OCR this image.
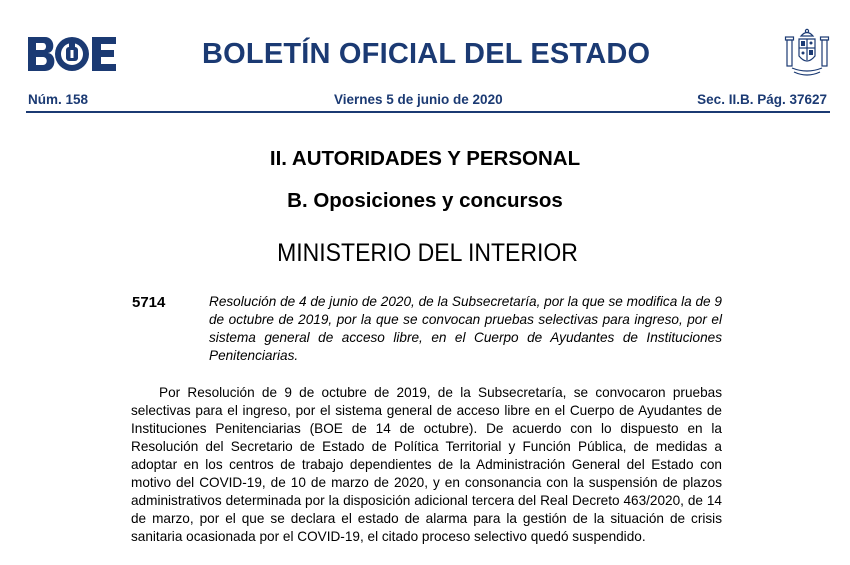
BOLETÍN OFICIAL DEL ESTADO
Núm. 158	Viernes 5 de junio de 2020	Sec. II.B. Pág. 37627
II. AUTORIDADES Y PERSONAL
B. Oposiciones y concursos
MINISTERIO DEL INTERIOR
5714	Resolución de 4 de junio de 2020, de la Subsecretaría, por la que se modifica la de 9 de octubre de 2019, por la que se convocan pruebas selectivas para ingreso, por el sistema general de acceso libre, en el Cuerpo de Ayudantes de Instituciones Penitenciarias.
Por Resolución de 9 de octubre de 2019, de la Subsecretaría, se convocaron pruebas selectivas para el ingreso, por el sistema general de acceso libre en el Cuerpo de Ayudantes de Instituciones Penitenciarias (BOE de 14 de octubre). De acuerdo con lo dispuesto en la Resolución del Secretario de Estado de Política Territorial y Función Pública, de medidas a adoptar en los centros de trabajo dependientes de la Administración General del Estado con motivo del COVID-19, de 10 de marzo de 2020, y en consonancia con la suspensión de plazos administrativos determinada por la disposición adicional tercera del Real Decreto 463/2020, de 14 de marzo, por el que se declara el estado de alarma para la gestión de la situación de crisis sanitaria ocasionada por el COVID-19, el citado proceso selectivo quedó suspendido.
